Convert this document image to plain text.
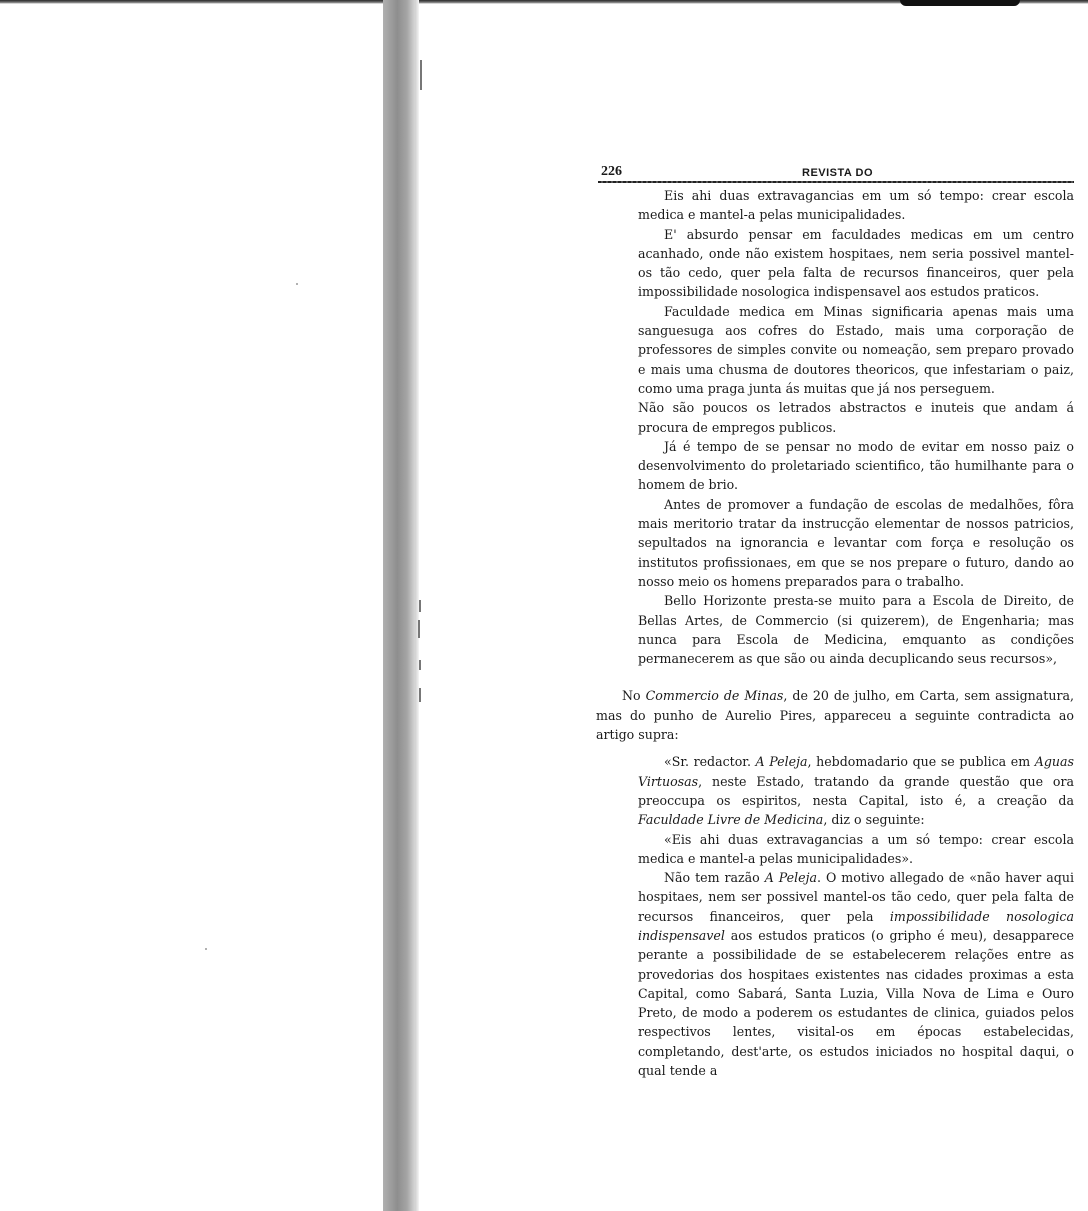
226	REVISTA DO

Eis ahi duas extravagancias em um só tempo: crear escola medica e mantel-a pelas municipalidades.

E' absurdo pensar em faculdades medicas em um centro acanhado, onde não existem hospitaes, nem seria possivel mantel-os tão cedo, quer pela falta de recursos financeiros, quer pela impossibilidade nosologica indispensavel aos estudos praticos.

Faculdade medica em Minas significaria apenas mais uma sanguesuga aos cofres do Estado, mais uma corporação de professores de simples convite ou nomeação, sem preparo provado e mais uma chusma de doutores theoricos, que infestariam o paiz, como uma praga junta ás muitas que já nos perseguem.

Não são poucos os letrados abstractos e inuteis que andam á procura de empregos publicos.

Já é tempo de se pensar no modo de evitar em nosso paiz o desenvolvimento do proletariado scientifico, tão humilhante para o homem de brio.

Antes de promover a fundação de escolas de medalhões, fôra mais meritorio tratar da instrucção elementar de nossos patricios, sepultados na ignorancia e levantar com força e resolução os institutos profissionaes, em que se nos prepare o futuro, dando ao nosso meio os homens preparados para o trabalho.

Bello Horizonte presta-se muito para a Escola de Direito, de Bellas Artes, de Commercio (si quizerem), de Engenharia; mas nunca para Escola de Medicina, emquanto as condições permanecerem as que são ou ainda decuplicando seus recursos»,

No Commercio de Minas, de 20 de julho, em Carta, sem assignatura, mas do punho de Aurelio Pires, appareceu a seguinte contradicta ao artigo supra:

«Sr. redactor. A Peleja, hebdomadario que se publica em Aguas Virtuosas, neste Estado, tratando da grande questão que ora preoccupa os espiritos, nesta Capital, isto é, a creação da Faculdade Livre de Medicina, diz o seguinte:

«Eis ahi duas extravagancias a um só tempo: crear escola medica e mantel-a pelas municipalidades».

Não tem razão A Peleja. O motivo allegado de «não haver aqui hospitaes, nem ser possivel mantel-os tão cedo, quer pela falta de recursos financeiros, quer pela impossibilidade nosologica indispensavel aos estudos praticos (o gripho é meu), desapparece perante a possibilidade de se estabelecerem relações entre as provedorias dos hospitaes existentes nas cidades proximas a esta Capital, como Sabará, Santa Luzia, Villa Nova de Lima e Ouro Preto, de modo a poderem os estudantes de clinica, guiados pelos respectivos lentes, visital-os em épocas estabelecidas, completando, dest'arte, os estudos iniciados no hospital daqui, o qual tende a
